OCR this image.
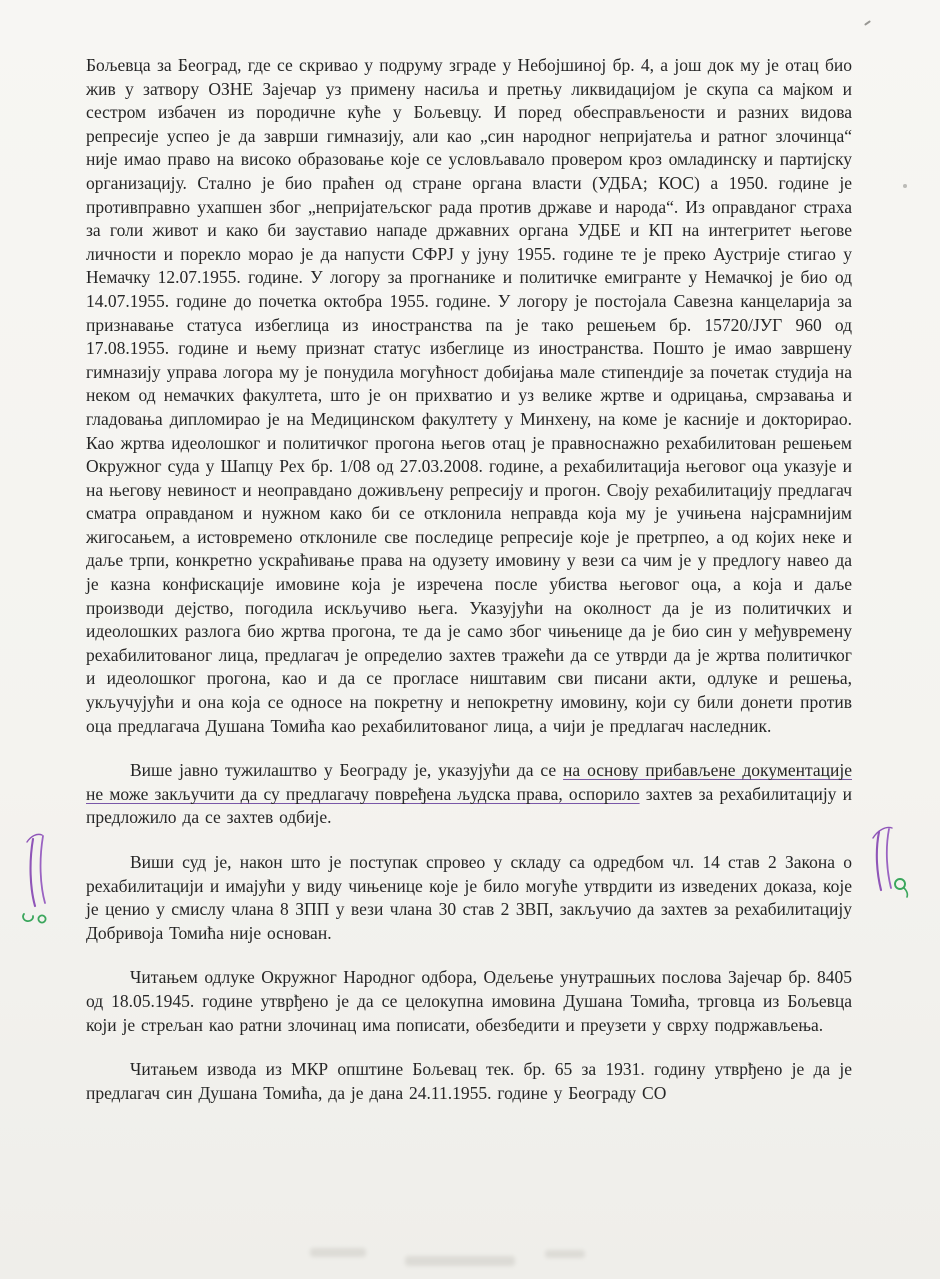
Бољевца за Београд, где се скривао у подруму зграде у Небојшиној бр. 4, а још док му је отац био жив у затвору ОЗНЕ Зајечар уз примену насиља и претњу ликвидацијом је скупа са мајком и сестром избачен из породичне куће у Бољевцу. И поред обесправљености и разних видова репресије успео је да заврши гимназију, али као „син народног непријатеља и ратног злочинца“ није имао право на високо образовање које се условљавало провером кроз омладинску и партијску организацију. Стално је био праћен од стране органа власти (УДБА; КОС) а 1950. године је противправно ухапшен због „непријатељског рада против државе и народа“. Из оправданог страха за голи живот и како би зауставио нападе државних органа УДБЕ и КП на интегритет његове личности и порекло морао је да напусти СФРЈ у јуну 1955. године те је преко Аустрије стигао у Немачку 12.07.1955. године. У логору за прогнанике и политичке емигранте у Немачкој је био од 14.07.1955. године до почетка октобра 1955. године. У логору је постојала Савезна канцеларија за признавање статуса избеглица из иностранства па је тако решењем бр. 15720/ЈУГ 960 од 17.08.1955. године и њему признат статус избеглице из иностранства. Пошто је имао завршену гимназију управа логора му је понудила могућност добијања мале стипендије за почетак студија на неком од немачких факултета, што је он прихватио и уз велике жртве и одрицања, смрзавања и гладовања дипломирао је на Медицинском факултету у Минхену, на коме је касније и докторирао. Као жртва идеолошког и политичког прогона његов отац је правноснажно рехабилитован решењем Окружног суда у Шапцу Рех бр. 1/08 од 27.03.2008. године, а рехабилитација његовог оца указује и на његову невиност и неоправдано доживљену репресију и прогон. Своју рехабилитацију предлагач сматра оправданом и нужном како би се отклонила неправда која му је учињена најсрамнијим жигосањем, а истовремено отклониле све последице репресије које је претрпео, а од којих неке и даље трпи, конкретно ускраћивање права на одузету имовину у вези са чим је у предлогу навео да је казна конфискације имовине која је изречена после убиства његовог оца, а која и даље производи дејство, погодила искључиво њега. Указујући на околност да је из политичких и идеолошких разлога био жртва прогона, те да је само због чињенице да је био син у међувремену рехабилитованог лица, предлагач је определио захтев тражећи да се утврди да је жртва политичког и идеолошког прогона, као и да се прогласе ништавим сви писани акти, одлуке и решења, укључујући и она која се односе на покретну и непокретну имовину, који су били донети против оца предлагача Душана Томића као рехабилитованог лица, а чији је предлагач наследник.

Више јавно тужилаштво у Београду је, указујући да се на основу прибављене документације не може закључити да су предлагачу повређена људска права, оспорило захтев за рехабилитацију и предложило да се захтев одбије.

Виши суд је, након што је поступак спровео у складу са одредбом чл. 14 став 2 Закона о рехабилитацији и имајући у виду чињенице које је било могуће утврдити из изведених доказа, које је ценио у смислу члана 8 ЗПП у вези члана 30 став 2 ЗВП, закључио да захтев за рехабилитацију Добривоја Томића није основан.

Читањем одлуке Окружног Народног одбора, Одељење унутрашњих послова Зајечар бр. 8405 од 18.05.1945. године утврђено је да се целокупна имовина Душана Томића, трговца из Бољевца који је стрељан као ратни злочинац има пописати, обезбедити и преузети у сврху подржављења.

Читањем извода из МКР општине Бољевац тек. бр. 65 за 1931. годину утврђено је да је предлагач син Душана Томића, да је дана 24.11.1955. године у Београду СО
